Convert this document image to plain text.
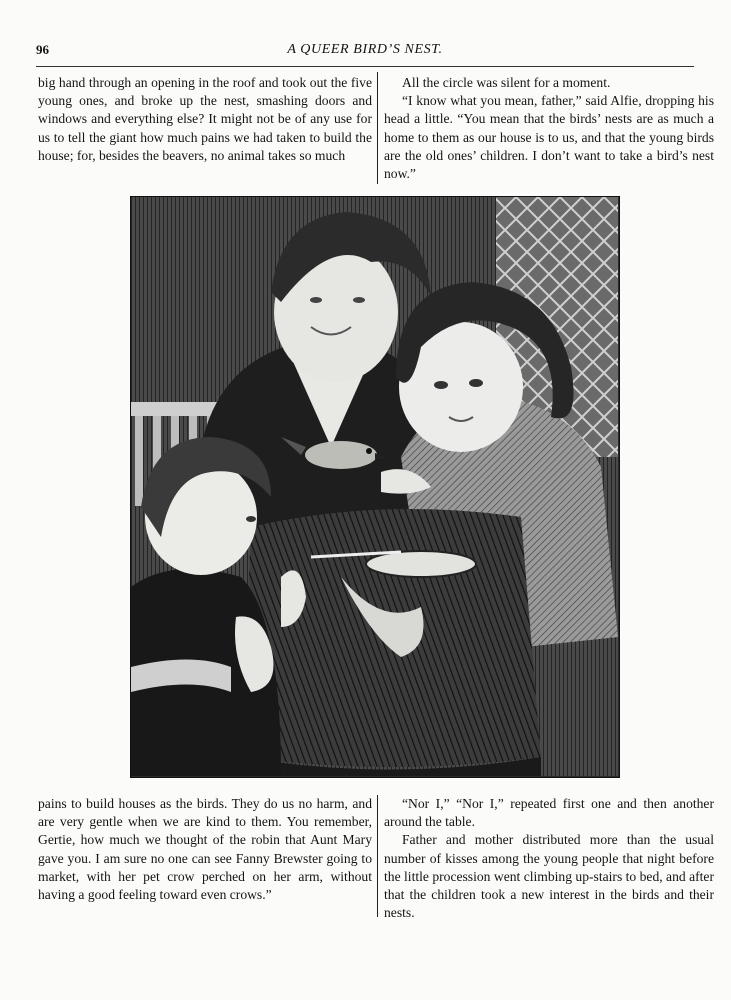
96	A QUEER BIRD’S NEST.

big hand through an opening in the roof and took out the five young ones, and broke up the nest, smashing doors and windows and everything else? It might not be of any use for us to tell the giant how much pains we had taken to build the house; for, besides the beavers, no animal takes so much

All the circle was silent for a moment.

“I know what you mean, father,” said Alfie, dropping his head a little. “You mean that the birds’ nests are as much a home to them as our house is to us, and that the young birds are the old ones’ children. I don’t want to take a bird’s nest now.”

pains to build houses as the birds. They do us no harm, and are very gentle when we are kind to them. You remember, Gertie, how much we thought of the robin that Aunt Mary gave you. I am sure no one can see Fanny Brewster going to market, with her pet crow perched on her arm, without having a good feeling toward even crows.”

“Nor I,” “Nor I,” repeated first one and then another around the table.

Father and mother distributed more than the usual number of kisses among the young people that night before the little procession went climbing up-stairs to bed, and after that the children took a new interest in the birds and their nests.
